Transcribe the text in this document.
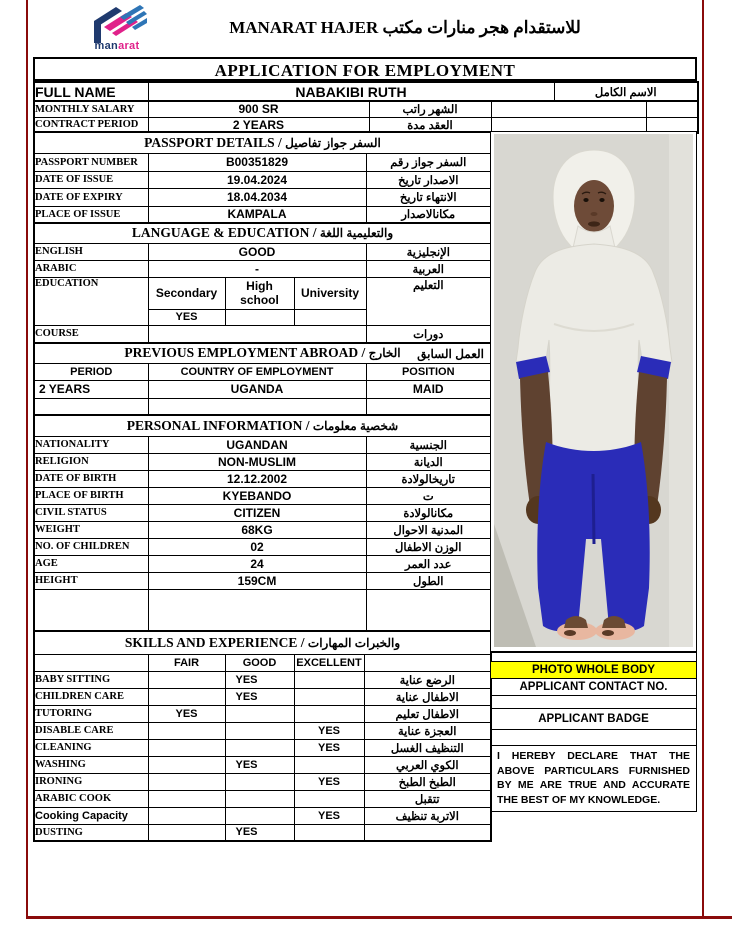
manarat
MANARAT HAJER للاستقدام هجر منارات مكتب
APPLICATION FOR EMPLOYMENT
FULL NAME	NABAKIBI RUTH	الاسم الكامل
MONTHLY SALARY	900 SR	الشهر راتب		
CONTRACT PERIOD	2 YEARS	العقد مدة		
PASSPORT DETAILS / السفر جواز تفاصيل		
PASSPORT NUMBER	B00351829	السفر جواز رقم
DATE OF ISSUE	19.04.2024	الاصدار تاريخ
DATE OF EXPIRY	18.04.2034	الانتهاء تاريخ
PLACE OF ISSUE	KAMPALA	مكانالاصدار
LANGUAGE & EDUCATION / والتعليمية اللغة				
ENGLISH	GOOD			الإنجليزية
ARABIC	-			العربية
EDUCATION	Secondary	High school	University	التعليم
	YES			
COURSE				دورات
PREVIOUS EMPLOYMENT ABROAD / الخارج العمل السابق		

PERIOD	COUNTRY OF EMPLOYMENT	POSITION
2 YEARS	UGANDA	MAID

PERSONAL INFORMATION / شخصية معلومات		
NATIONALITY	UGANDAN	الجنسية
RELIGION	NON-MUSLIM	الديانة
DATE OF BIRTH	12.12.2002	تاريخالولادة
PLACE OF BIRTH	KYEBANDO	ت
CIVIL STATUS	CITIZEN	مكانالولادة
WEIGHT	68KG	المدنية الاحوال
NO. OF CHILDREN	02	الوزن الاطفال
AGE	24	عدد العمر
HEIGHT	159CM	الطول

SKILLS AND EXPERIENCE / والخبرات المهارات				
	FAIR	GOOD	EXCELLENT	
BABY SITTING		YES		الرضع عناية
CHILDREN CARE		YES		الاطفال عناية
TUTORING	YES			الاطفال تعليم
DISABLE CARE			YES	العجزة عناية
CLEANING			YES	التنظيف الغسل
WASHING		YES		الكوي العربي
IRONING			YES	الطبخ الطبخ
ARABIC COOK				تتقبل
Cooking Capacity			YES	الاتربة تنظيف
DUSTING		YES		

PHOTO WHOLE BODY
APPLICANT CONTACT NO.

APPLICANT BADGE

I HEREBY DECLARE THAT THE ABOVE PARTICULARS FURNISHED BY ME ARE TRUE AND ACCURATE THE BEST OF MY KNOWLEDGE.
